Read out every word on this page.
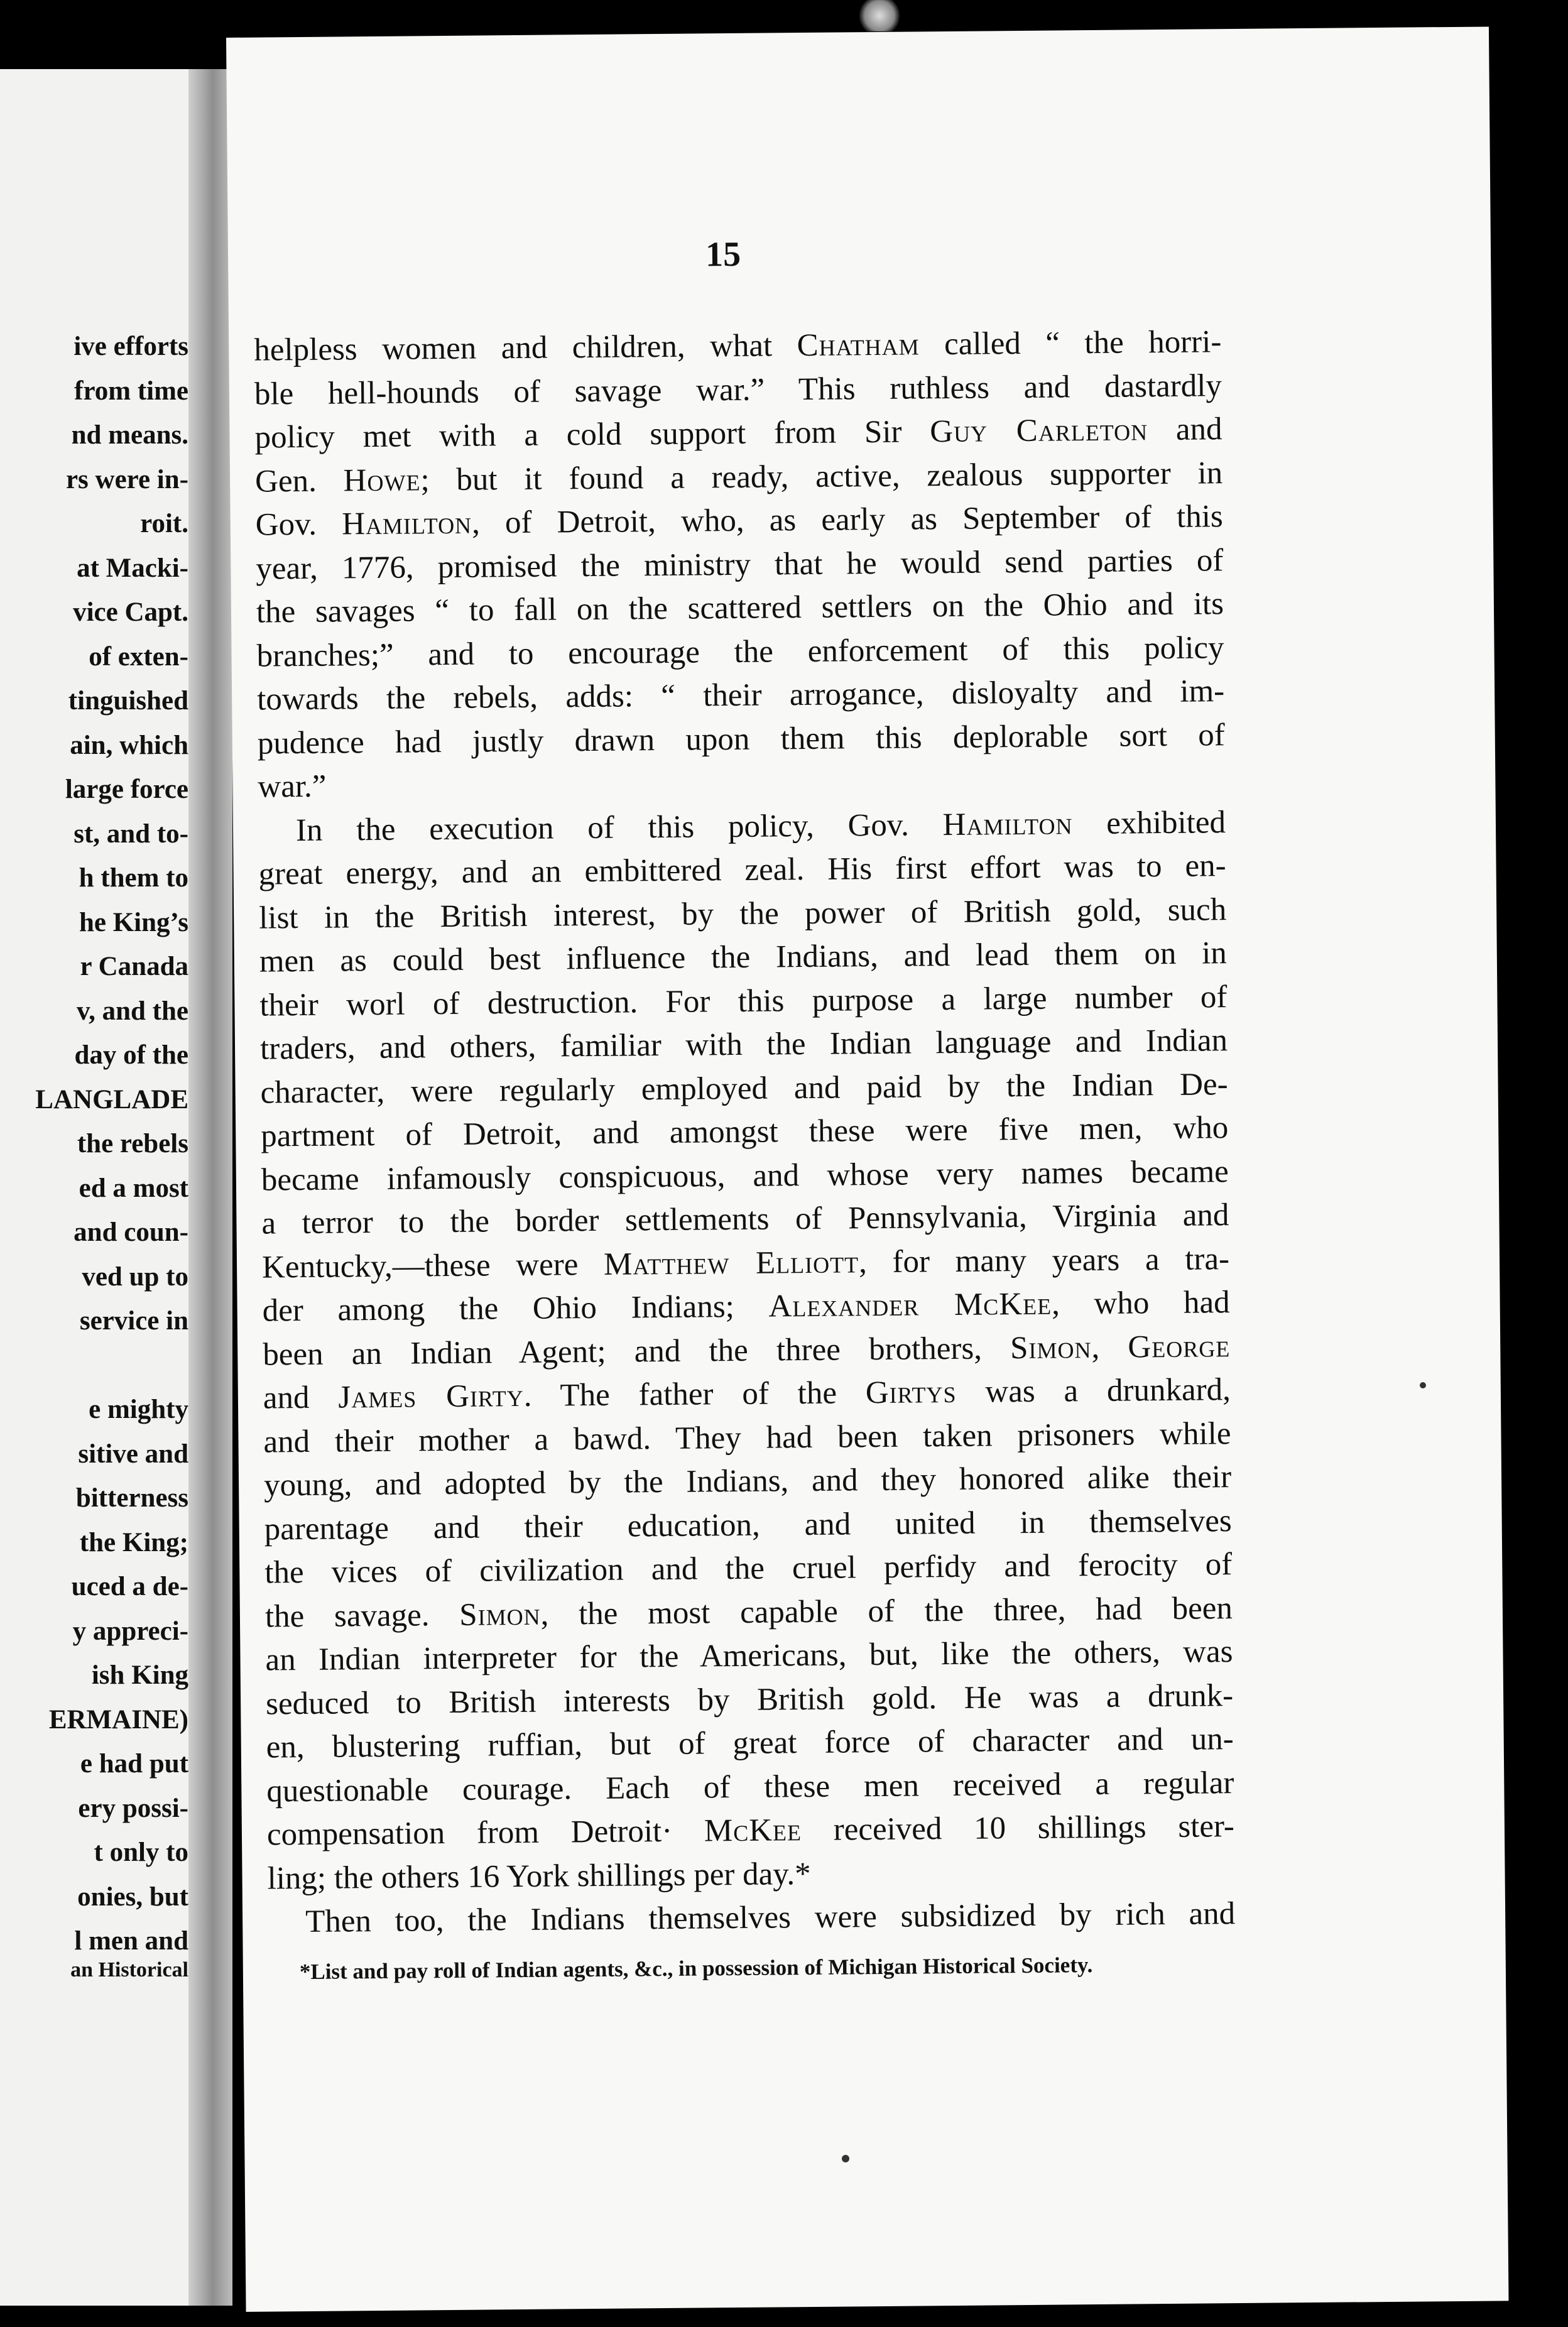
ive efforts
from time
nd means.
rs were in-
roit.
at Macki-
vice Capt.
of exten-
tinguished
ain, which
large force
st, and to-
h them to
he King’s
r Canada
v, and the
day of the
LANGLADE
the rebels
ed a most
and coun-
ved up to
service in
e mighty
sitive and
bitterness
the King;
uced a de-
y appreci-
ish King
ERMAINE)
e had put
ery possi-
t only to
onies, but
l men and
an Historical
15
*List and pay roll of Indian agents, &c., in possession of Michigan Historical Society.
helpless women and children, what Chatham called “ the horri-
ble hell-hounds of savage war.” This ruthless and dastardly
policy met with a cold support from Sir Guy Carleton and
Gen. Howe; but it found a ready, active, zealous supporter in
Gov. Hamilton, of Detroit, who, as early as September of this
year, 1776, promised the ministry that he would send parties of
the savages “ to fall on the scattered settlers on the Ohio and its
branches;” and to encourage the enforcement of this policy
towards the rebels, adds: “ their arrogance, disloyalty and im-
pudence had justly drawn upon them this deplorable sort of
war.”
In the execution of this policy, Gov. Hamilton exhibited
great energy, and an embittered zeal. His first effort was to en-
list in the British interest, by the power of British gold, such
men as could best influence the Indians, and lead them on in
their worl of destruction. For this purpose a large number of
traders, and others, familiar with the Indian language and Indian
character, were regularly employed and paid by the Indian De-
partment of Detroit, and amongst these were five men, who
became infamously conspicuous, and whose very names became
a terror to the border settlements of Pennsylvania, Virginia and
Kentucky,—these were Matthew Elliott, for many years a tra-
der among the Ohio Indians; Alexander McKee, who had
been an Indian Agent; and the three brothers, Simon, George
and James Girty. The father of the Girtys was a drunkard,
and their mother a bawd. They had been taken prisoners while
young, and adopted by the Indians, and they honored alike their
parentage and their education, and united in themselves
the vices of civilization and the cruel perfidy and ferocity of
the savage. Simon, the most capable of the three, had been
an Indian interpreter for the Americans, but, like the others, was
seduced to British interests by British gold. He was a drunk-
en, blustering ruffian, but of great force of character and un-
questionable courage. Each of these men received a regular
compensation from Detroit· McKee received 10 shillings ster-
ling; the others 16 York shillings per day.*
Then too, the Indians themselves were subsidized by rich and
